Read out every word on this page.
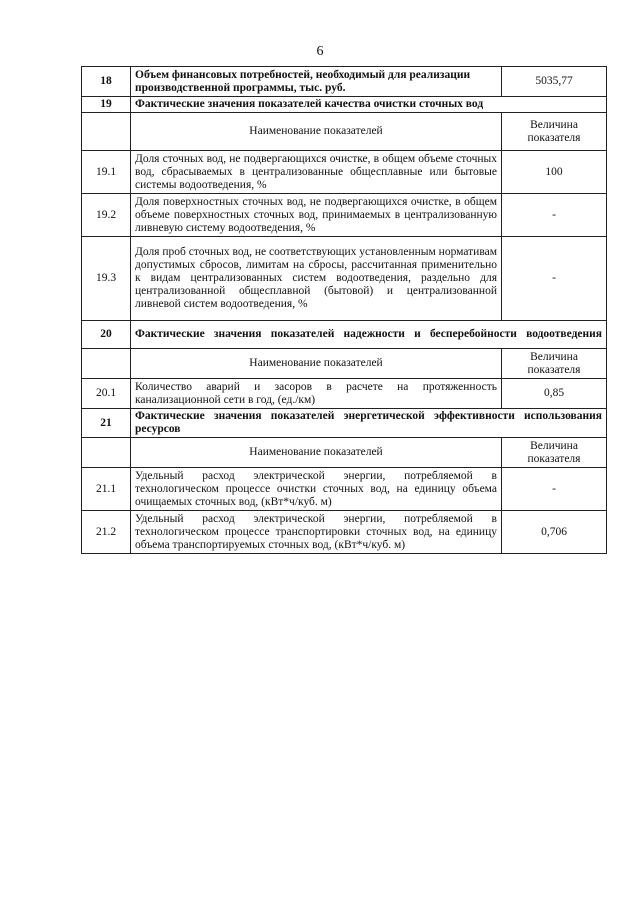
6
18	Объем финансовых потребностей, необходимый для реализации производственной программы, тыс. руб.	5035,77
19	Фактические значения показателей качества очистки сточных вод	
	Наименование показателей	Величина показателя
19.1	Доля сточных вод, не подвергающихся очистке, в общем объеме сточных вод, сбрасываемых в централизованные общесплавные или бытовые системы водоотведения, %	100
19.2	Доля поверхностных сточных вод, не подвергающихся очистке, в общем объеме поверхностных сточных вод, принимаемых в централизованную ливневую систему водоотведения, %	-
19.3	Доля проб сточных вод, не соответствующих установленным нормативам допустимых сбросов, лимитам на сбросы, рассчитанная применительно к видам централизованных систем водоотведения, раздельно для централизованной общесплавной (бытовой) и централизованной ливневой систем водоотведения, %	-
20	Фактические значения показателей надежности и бесперебойности водоотведения	
	Наименование показателей	Величина показателя
20.1	Количество аварий и засоров в расчете на протяженность канализационной сети в год, (ед./км)	0,85
21	Фактические значения показателей энергетической эффективности использования ресурсов	
	Наименование показателей	Величина показателя
21.1	Удельный расход электрической энергии, потребляемой в технологическом процессе очистки сточных вод, на единицу объема очищаемых сточных вод, (кВт*ч/куб. м)	-
21.2	Удельный расход электрической энергии, потребляемой в технологическом процессе транспортировки сточных вод, на единицу объема транспортируемых сточных вод, (кВт*ч/куб. м)	0,706
